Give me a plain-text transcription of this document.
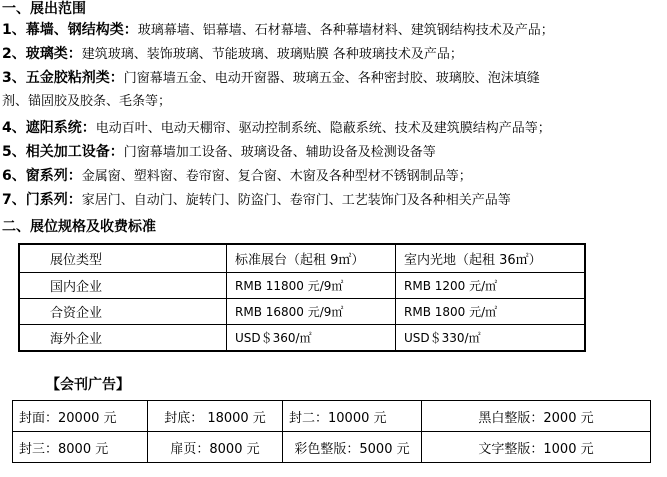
一、展出范围
1、幕墙、钢结构类：玻璃幕墙、铝幕墙、石材幕墙、各种幕墙材料、建筑钢结构技术及产品；
2、玻璃类：建筑玻璃、装饰玻璃、节能玻璃、玻璃贴膜 各种玻璃技术及产品；
3、五金胶粘剂类：门窗幕墙五金、电动开窗器、玻璃五金、各种密封胶、玻璃胶、泡沫填缝
剂、锚固胶及胶条、毛条等；
4、遮阳系统：电动百叶、电动天棚帘、驱动控制系统、隐蔽系统、技术及建筑膜结构产品等；
5、相关加工设备：门窗幕墙加工设备、玻璃设备、辅助设备及检测设备等
6、窗系列：金属窗、塑料窗、卷帘窗、复合窗、木窗及各种型材不锈钢制品等；
7、门系列：家居门、自动门、旋转门、防盗门、卷帘门、工艺装饰门及各种相关产品等
二、展位规格及收费标准
展位类型	标准展台（起租 9㎡）	室内光地（起租 36㎡）
国内企业	RMB 11800 元/9㎡	RMB 1200 元/㎡
合资企业	RMB 16800 元/9㎡	RMB 1800 元/㎡
海外企业	USD＄360/㎡	USD＄330/㎡
【会刊广告】
封面：20000 元	封底： 18000 元	封二：10000 元	黑白整版：2000 元
封三：8000 元	扉页：8000 元	彩色整版：5000 元	文字整版：1000 元
